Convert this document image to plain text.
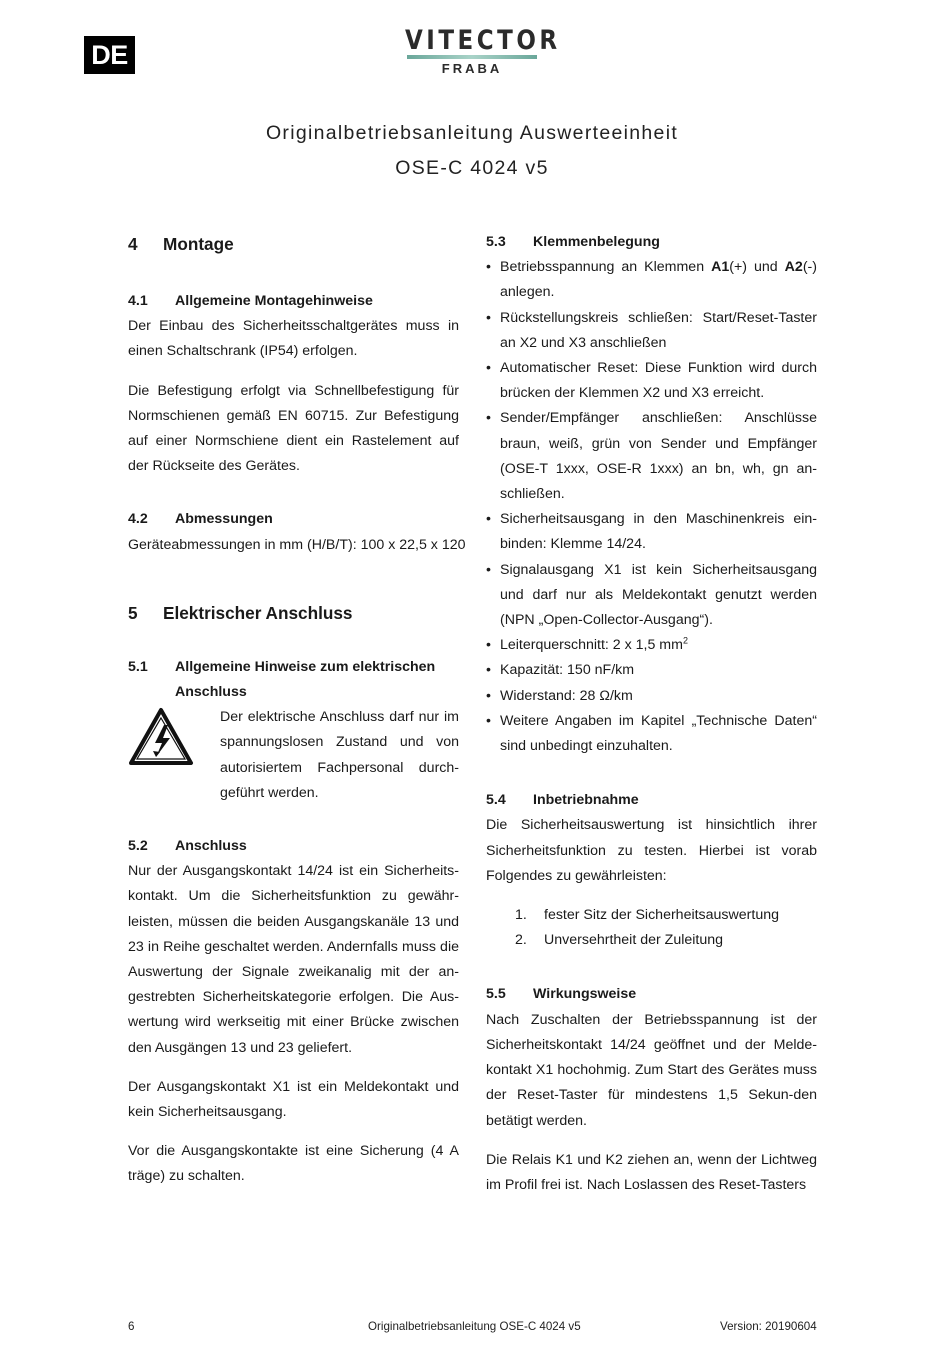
DE	VITECTOR
FRABA
Originalbetriebsanleitung Auswerteeinheit
OSE-C 4024 v5
4	Montage
4.1	Allgemeine Montagehinweise
Der Einbau des Sicherheitsschaltgerätes muss in einen Schaltschrank (IP54) erfolgen.
Die Befestigung erfolgt via Schnellbefestigung für Normschienen gemäß EN 60715. Zur Befestigung auf einer Normschiene dient ein Rastelement auf der Rückseite des Gerätes.
4.2	Abmessungen
Geräteabmessungen in mm (H/B/T): 100 x 22,5 x 120
5	Elektrischer Anschluss
5.1	Allgemeine Hinweise zum elektrischen Anschluss
Der elektrische Anschluss darf nur im spannungslosen Zustand und von autorisiertem Fachpersonal durch-geführt werden.
5.2	Anschluss
Nur der Ausgangskontakt 14/24 ist ein Sicherheits-kontakt. Um die Sicherheitsfunktion zu gewähr-leisten, müssen die beiden Ausgangskanäle 13 und 23 in Reihe geschaltet werden. Andernfalls muss die Auswertung der Signale zweikanalig mit der an-gestrebten Sicherheitskategorie erfolgen. Die Aus-wertung wird werkseitig mit einer Brücke zwischen den Ausgängen 13 und 23 geliefert.
Der Ausgangskontakt X1 ist ein Meldekontakt und kein Sicherheitsausgang.
Vor die Ausgangskontakte ist eine Sicherung (4 A träge) zu schalten.
5.3	Klemmenbelegung
• Betriebsspannung an Klemmen A1(+) und A2(-) anlegen.
• Rückstellungskreis schließen: Start/Reset-Taster an X2 und X3 anschließen
• Automatischer Reset: Diese Funktion wird durch brücken der Klemmen X2 und X3 erreicht.
• Sender/Empfänger anschließen: Anschlüsse braun, weiß, grün von Sender und Empfänger (OSE-T 1xxx, OSE-R 1xxx) an bn, wh, gn an-schließen.
• Sicherheitsausgang in den Maschinenkreis ein-binden: Klemme 14/24.
• Signalausgang X1 ist kein Sicherheitsausgang und darf nur als Meldekontakt genutzt werden (NPN „Open-Collector-Ausgang“).
• Leiterquerschnitt: 2 x 1,5 $mm^2$
• Kapazität: 150 nF/km
• Widerstand: 28 Ω/km
• Weitere Angaben im Kapitel „Technische Daten“ sind unbedingt einzuhalten.
5.4	Inbetriebnahme
Die Sicherheitsauswertung ist hinsichtlich ihrer Sicherheitsfunktion zu testen. Hierbei ist vorab Folgendes zu gewährleisten:
1.	fester Sitz der Sicherheitsauswertung
2.	Unversehrtheit der Zuleitung
5.5	Wirkungsweise
Nach Zuschalten der Betriebsspannung ist der Sicherheitskontakt 14/24 geöffnet und der Melde-kontakt X1 hochohmig. Zum Start des Gerätes muss der Reset-Taster für mindestens 1,5 Sekun-den betätigt werden.
Die Relais K1 und K2 ziehen an, wenn der Lichtweg im Profil frei ist. Nach Loslassen des Reset-Tasters
6	Originalbetriebsanleitung OSE-C 4024 v5	Version: 20190604
